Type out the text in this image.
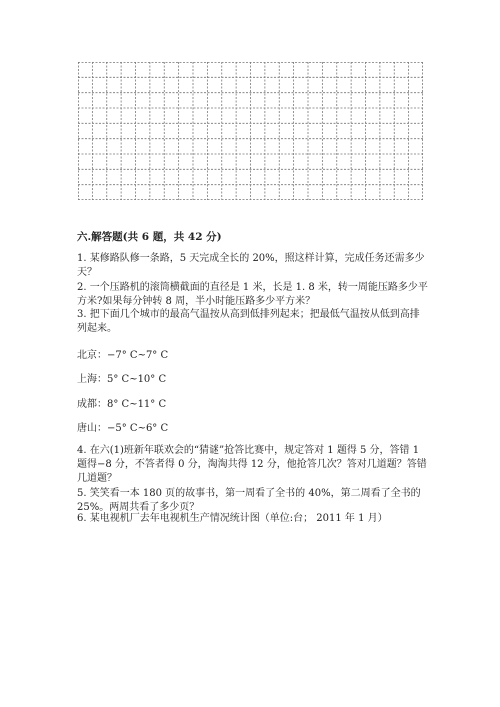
六.解答题(共 6 题，共 42 分)
1. 某修路队修一条路，5 天完成全长的 20%，照这样计算，完成任务还需多少
天？
2. 一个压路机的滚筒横截面的直径是 1 米，长是 1. 8 米，转一周能压路多少平
方米?如果每分钟转 8 周，半小时能压路多少平方米？
3. 把下面几个城市的最高气温按从高到低排列起来；把最低气温按从低到高排
列起来。
北京：−7° C~7° C
上海：5° C~10° C
成都：8° C~11° C
唐山：−5° C~6° C
4. 在六(1)班新年联欢会的“猜谜”抢答比赛中，规定答对 1 题得 5 分，答错 1
题得−8 分，不答者得 0 分，淘淘共得 12 分，他抢答几次？答对几道题？答错
几道题？
5. 笑笑看一本 180 页的故事书，第一周看了全书的 40%，第二周看了全书的
25%。两周共看了多少页？
6. 某电视机厂去年电视机生产情况统计图（单位:台； 2011 年 1 月）
